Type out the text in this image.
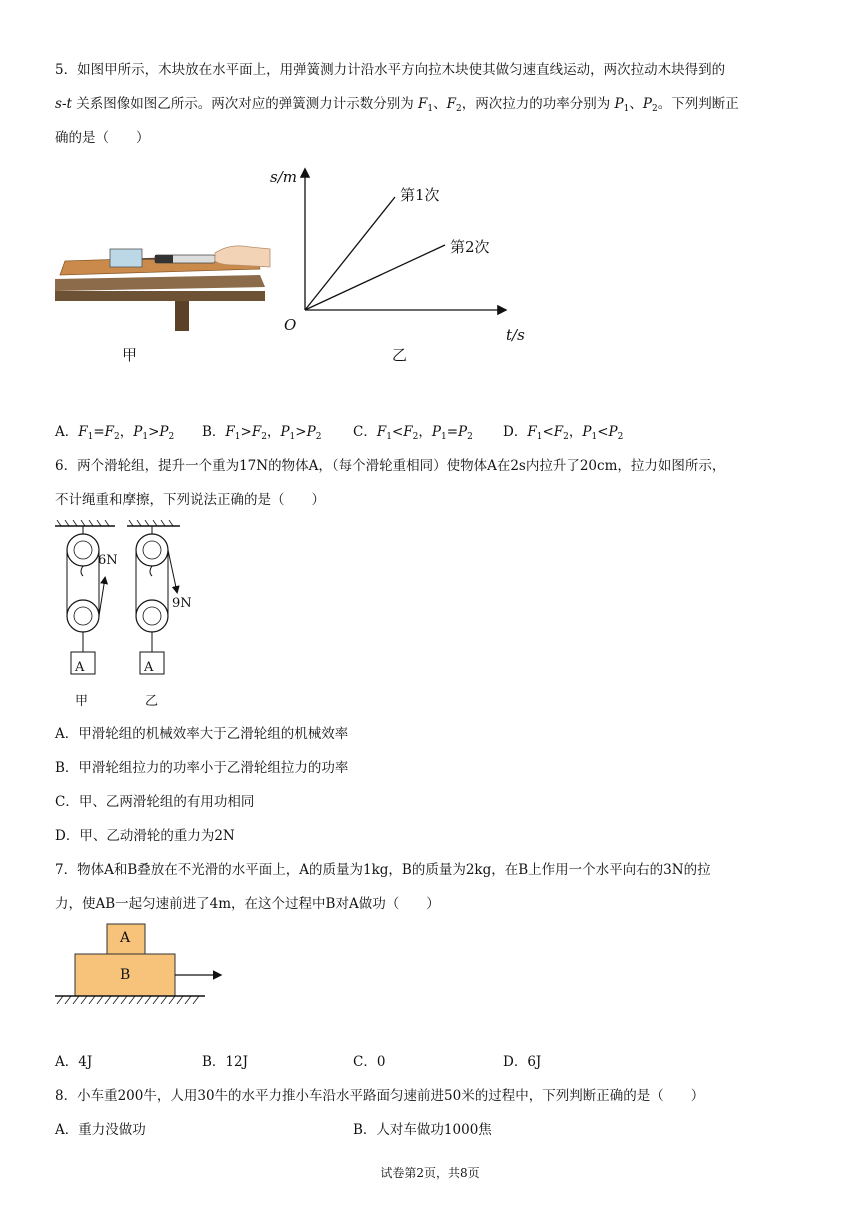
5．如图甲所示，木块放在水平面上，用弹簧测力计沿水平方向拉木块使其做匀速直线运动，两次拉动木块得到的
s-t 关系图像如图乙所示。两次对应的弹簧测力计示数分别为 $F_1$、$F_2$，两次拉力的功率分别为 $P_1$、$P_2$。下列判断正
确的是（　　）
甲
s/m
O
t/s
第1次
第2次
乙
A．$F_1=F_2$，$P_1>P_2$ B．$F_1>F_2$，$P_1>P_2$ C．$F_1<F_2$，$P_1=P_2$ D．$F_1<F_2$，$P_1<P_2$
6．两个滑轮组，提升一个重为17N的物体A，（每个滑轮重相同）使物体A在2s内拉升了20cm，拉力如图所示，
不计绳重和摩擦，下列说法正确的是（　　）
6N
9N
A	A
甲	乙
A．甲滑轮组的机械效率大于乙滑轮组的机械效率
B．甲滑轮组拉力的功率小于乙滑轮组拉力的功率
C．甲、乙两滑轮组的有用功相同
D．甲、乙动滑轮的重力为2N
7．物体A和B叠放在不光滑的水平面上，A的质量为1kg，B的质量为2kg，在B上作用一个水平向右的3N的拉
力，使AB一起匀速前进了4m，在这个过程中B对A做功（　　）
A
B
A．4J	B．12J	C．0	D．6J
8．小车重200牛，人用30牛的水平力推小车沿水平路面匀速前进50米的过程中，下列判断正确的是（　　）
A．重力没做功	B．人对车做功1000焦
试卷第2页，共8页
